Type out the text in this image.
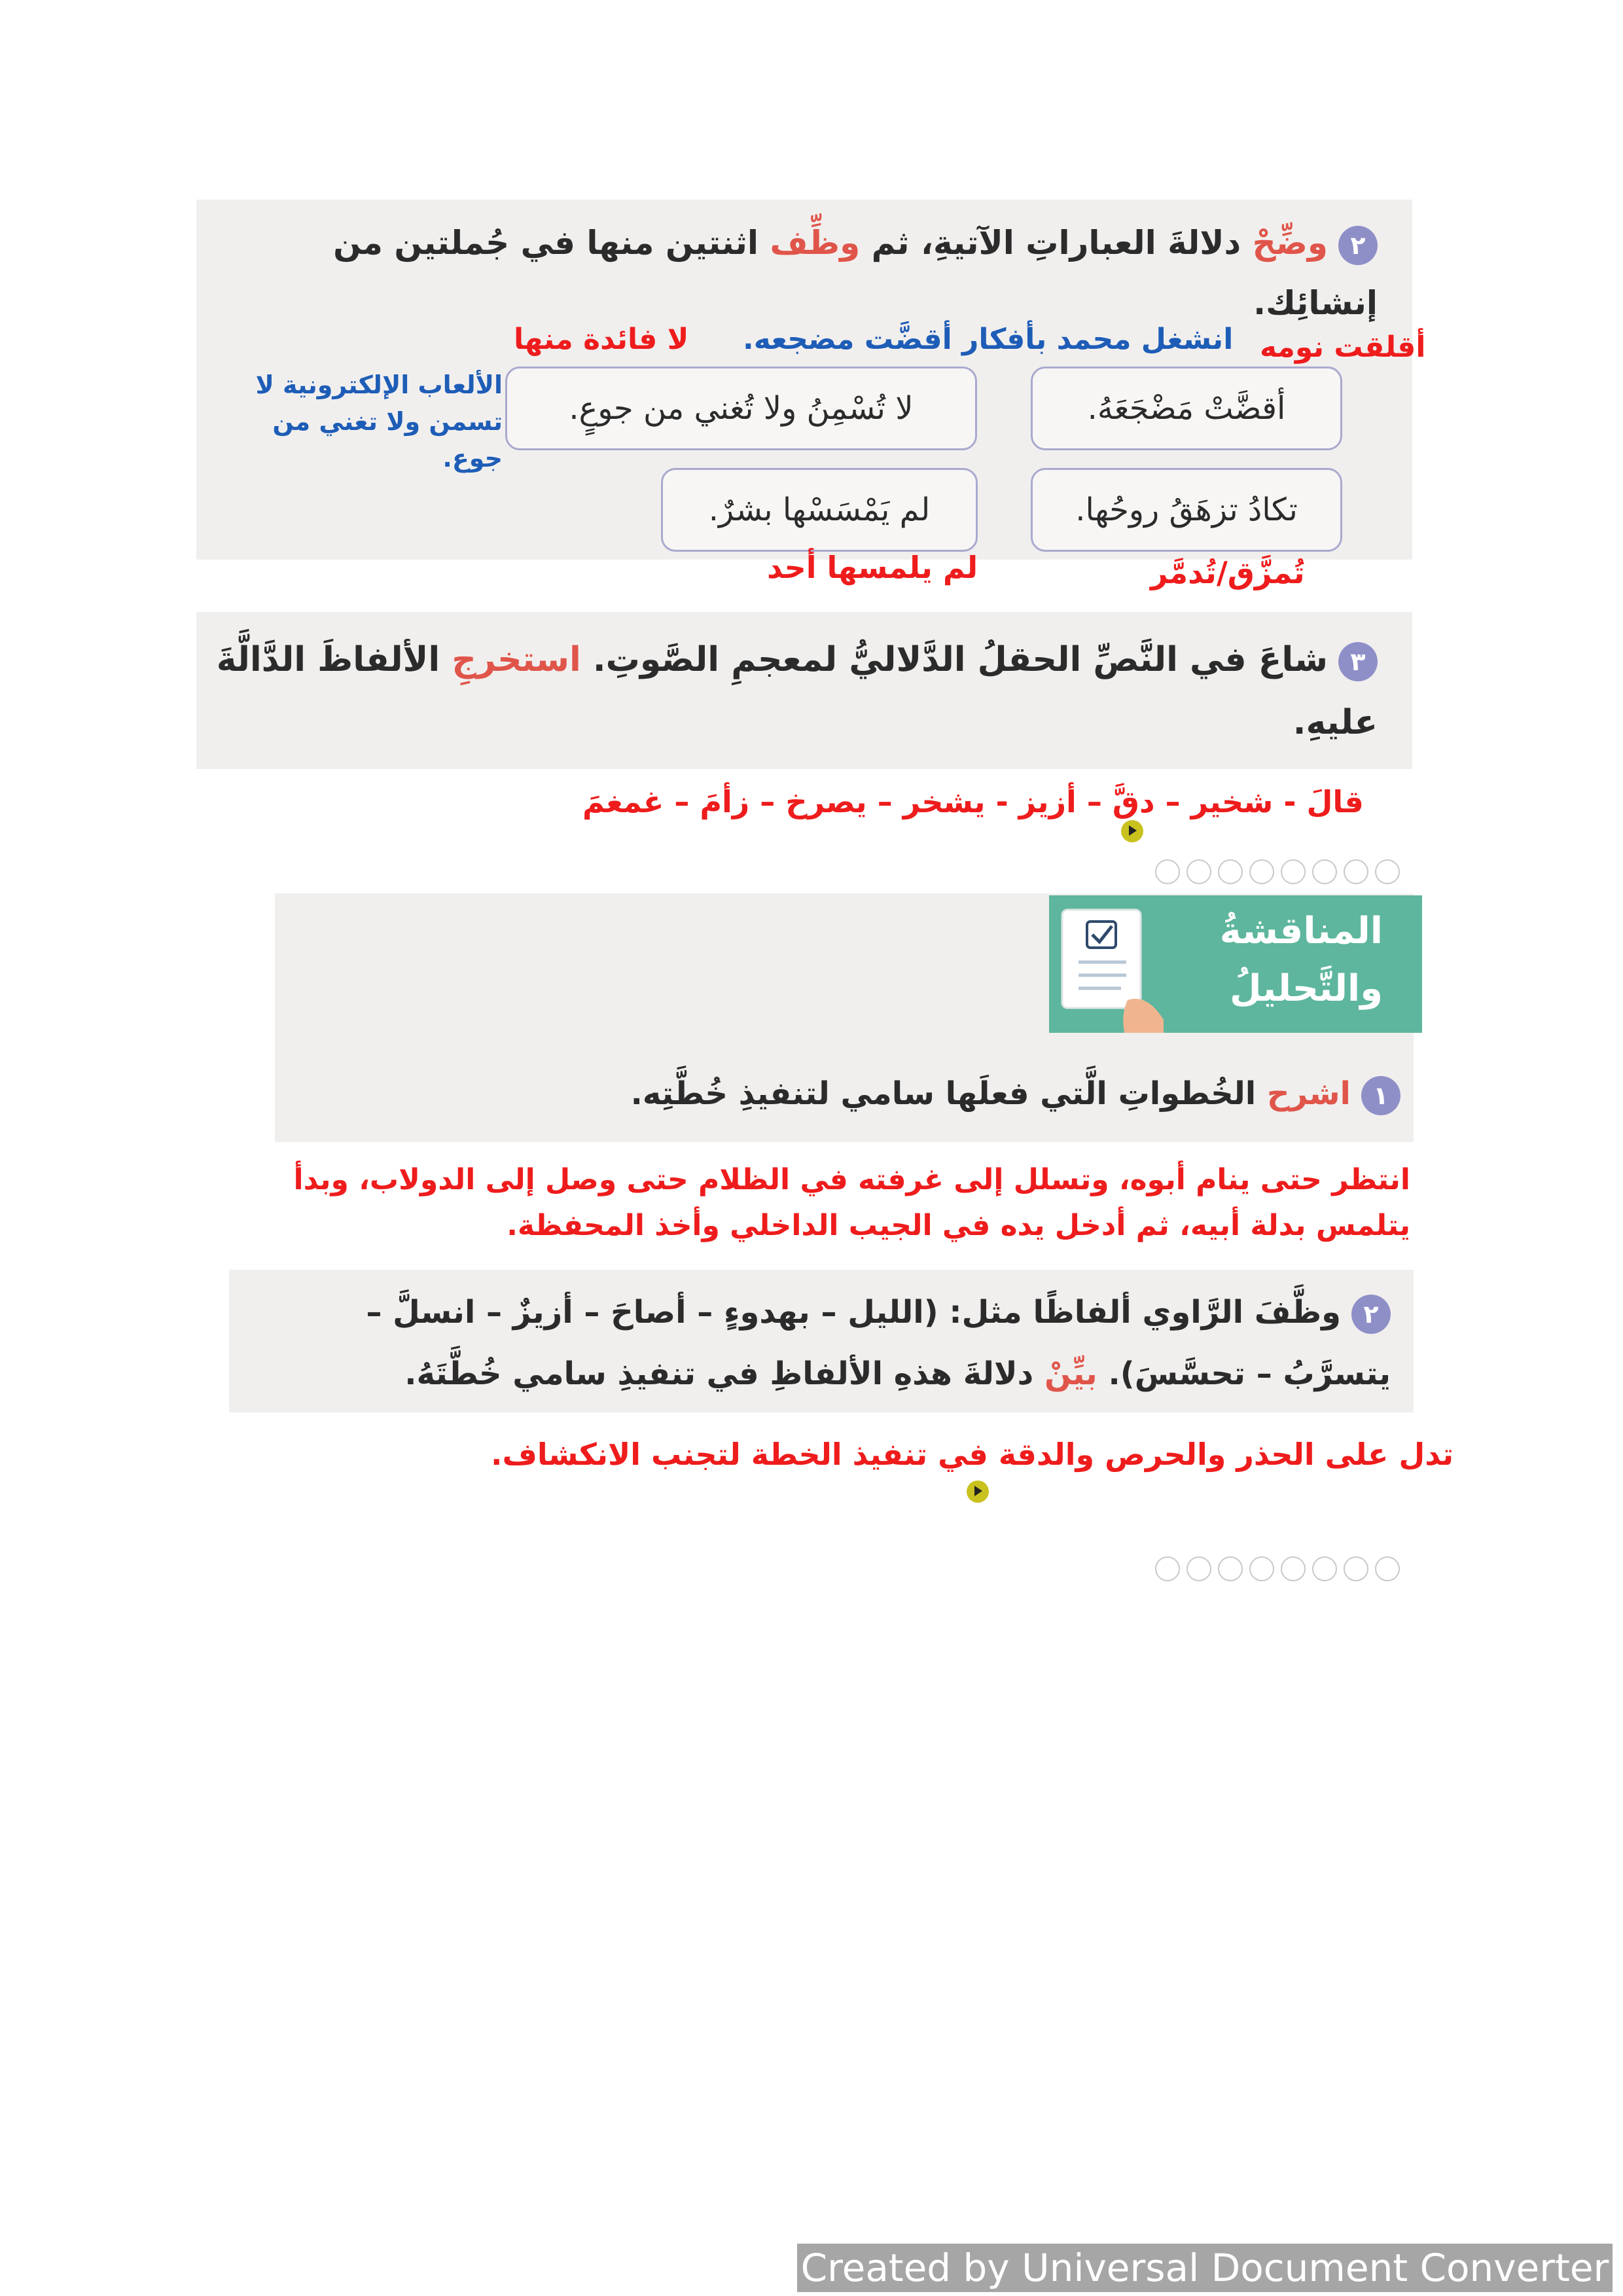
٢وضِّحْ دلالةَ العباراتِ الآتيةِ، ثم وظِّف اثنتين منها في جُملتين من إنشائِك.
أقلقت نومه
انشغل محمد بأفكار أقضَّت مضجعه.
لا فائدة منها
الألعاب الإلكترونية لا تسمن ولا تغني من جوع.
أقضَّتْ مَضْجَعَهُ.
لا تُسْمِنُ ولا تُغني من جوعٍ.
تكادُ تزهَقُ روحُها.
لم يَمْسَسْها بشرٌ.
تُمزَّق/تُدمَّر
لم يلمسها أحد
٣شاعَ في النَّصِّ الحقلُ الدَّلاليُّ لمعجمِ الصَّوتِ. استخرجِ الألفاظَ الدَّالَّةَ عليهِ.
قالَ - شخير – دقَّ – أزيز - يشخر – يصرخ – زأمَ – غمغمَ
المناقشةُ
والتَّحليلُ
١اشرح الخُطواتِ الَّتي فعلَها سامي لتنفيذِ خُطَّتِه.
انتظر حتى ينام أبوه، وتسلل إلى غرفته في الظلام حتى وصل إلى الدولاب، وبدأ يتلمس بدلة أبيه، ثم أدخل يده في الجيب الداخلي وأخذ المحفظة.
٢وظَّفَ الرَّاوي ألفاظًا مثل: (الليل – بهدوءٍ – أصاحَ – أزيزٌ – انسلَّ – يتسرَّبُ – تحسَّسَ). بيِّنْ دلالةَ هذهِ الألفاظِ في تنفيذِ سامي خُطَّتَهُ.
تدل على الحذر والحرص والدقة في تنفيذ الخطة لتجنب الانكشاف.
Created by Universal Document Converter
